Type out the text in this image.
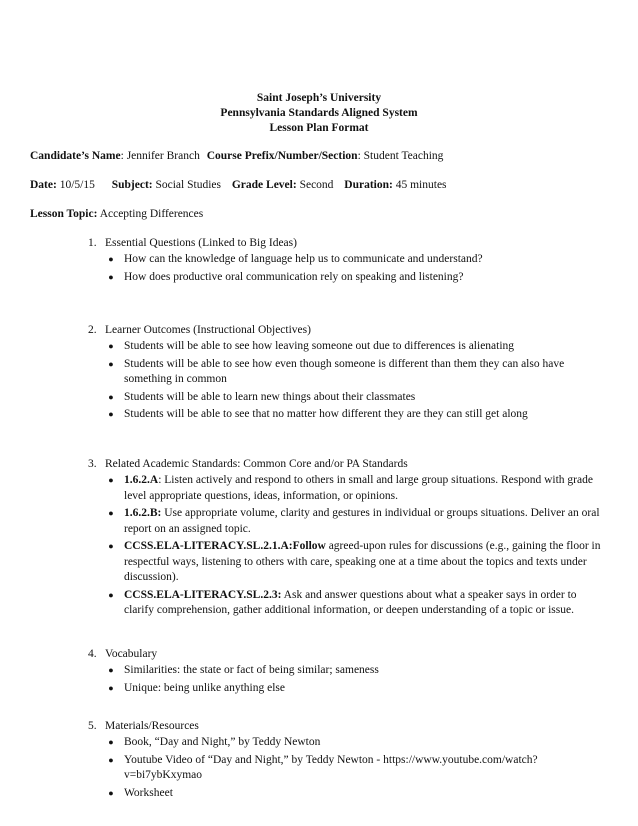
Saint Joseph’s University
Pennsylvania Standards Aligned System
Lesson Plan Format
Candidate’s Name: Jennifer Branch Course Prefix/Number/Section: Student Teaching
Date: 10/5/15 Subject: Social Studies Grade Level: Second Duration: 45 minutes
Lesson Topic: Accepting Differences
1. Essential Questions (Linked to Big Ideas)
● How can the knowledge of language help us to communicate and understand?
● How does productive oral communication rely on speaking and listening?
2. Learner Outcomes (Instructional Objectives)
● Students will be able to see how leaving someone out due to differences is alienating
● Students will be able to see how even though someone is different than them they can also have something in common
● Students will be able to learn new things about their classmates
● Students will be able to see that no matter how different they are they can still get along
3. Related Academic Standards: Common Core and/or PA Standards
● 1.6.2.A: Listen actively and respond to others in small and large group situations. Respond with grade level appropriate questions, ideas, information, or opinions.
● 1.6.2.B: Use appropriate volume, clarity and gestures in individual or groups situations. Deliver an oral report on an assigned topic.
● CCSS.ELA-LITERACY.SL.2.1.A:Follow agreed-upon rules for discussions (e.g., gaining the floor in respectful ways, listening to others with care, speaking one at a time about the topics and texts under discussion).
● CCSS.ELA-LITERACY.SL.2.3: Ask and answer questions about what a speaker says in order to clarify comprehension, gather additional information, or deepen understanding of a topic or issue.
4. Vocabulary
● Similarities: the state or fact of being similar; sameness
● Unique: being unlike anything else
5. Materials/Resources
● Book, “Day and Night,” by Teddy Newton
● Youtube Video of “Day and Night,” by Teddy Newton - https://www.youtube.com/watch?v=bi7ybKxymao
● Worksheet
